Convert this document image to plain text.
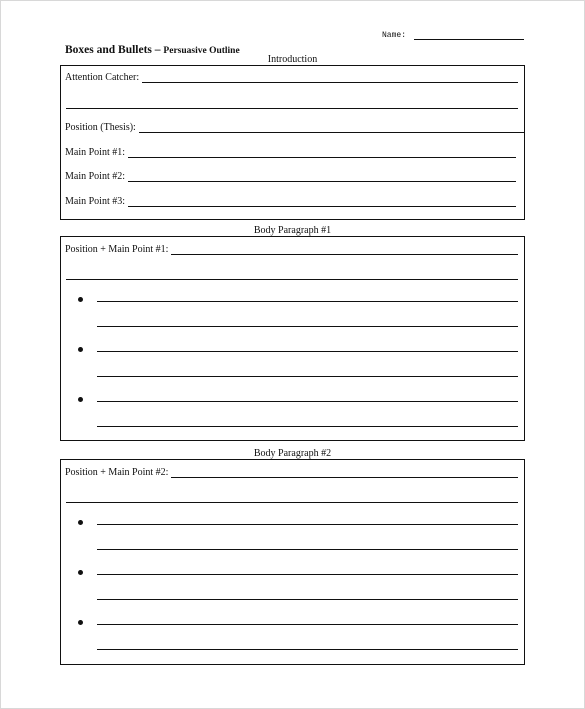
Name:
Boxes and Bullets – Persuasive Outline
Introduction
Attention Catcher:
Position (Thesis):
Main Point #1:
Main Point #2:
Main Point #3:
Body Paragraph #1
Position + Main Point #1:
Body Paragraph #2
Position + Main Point #2:
